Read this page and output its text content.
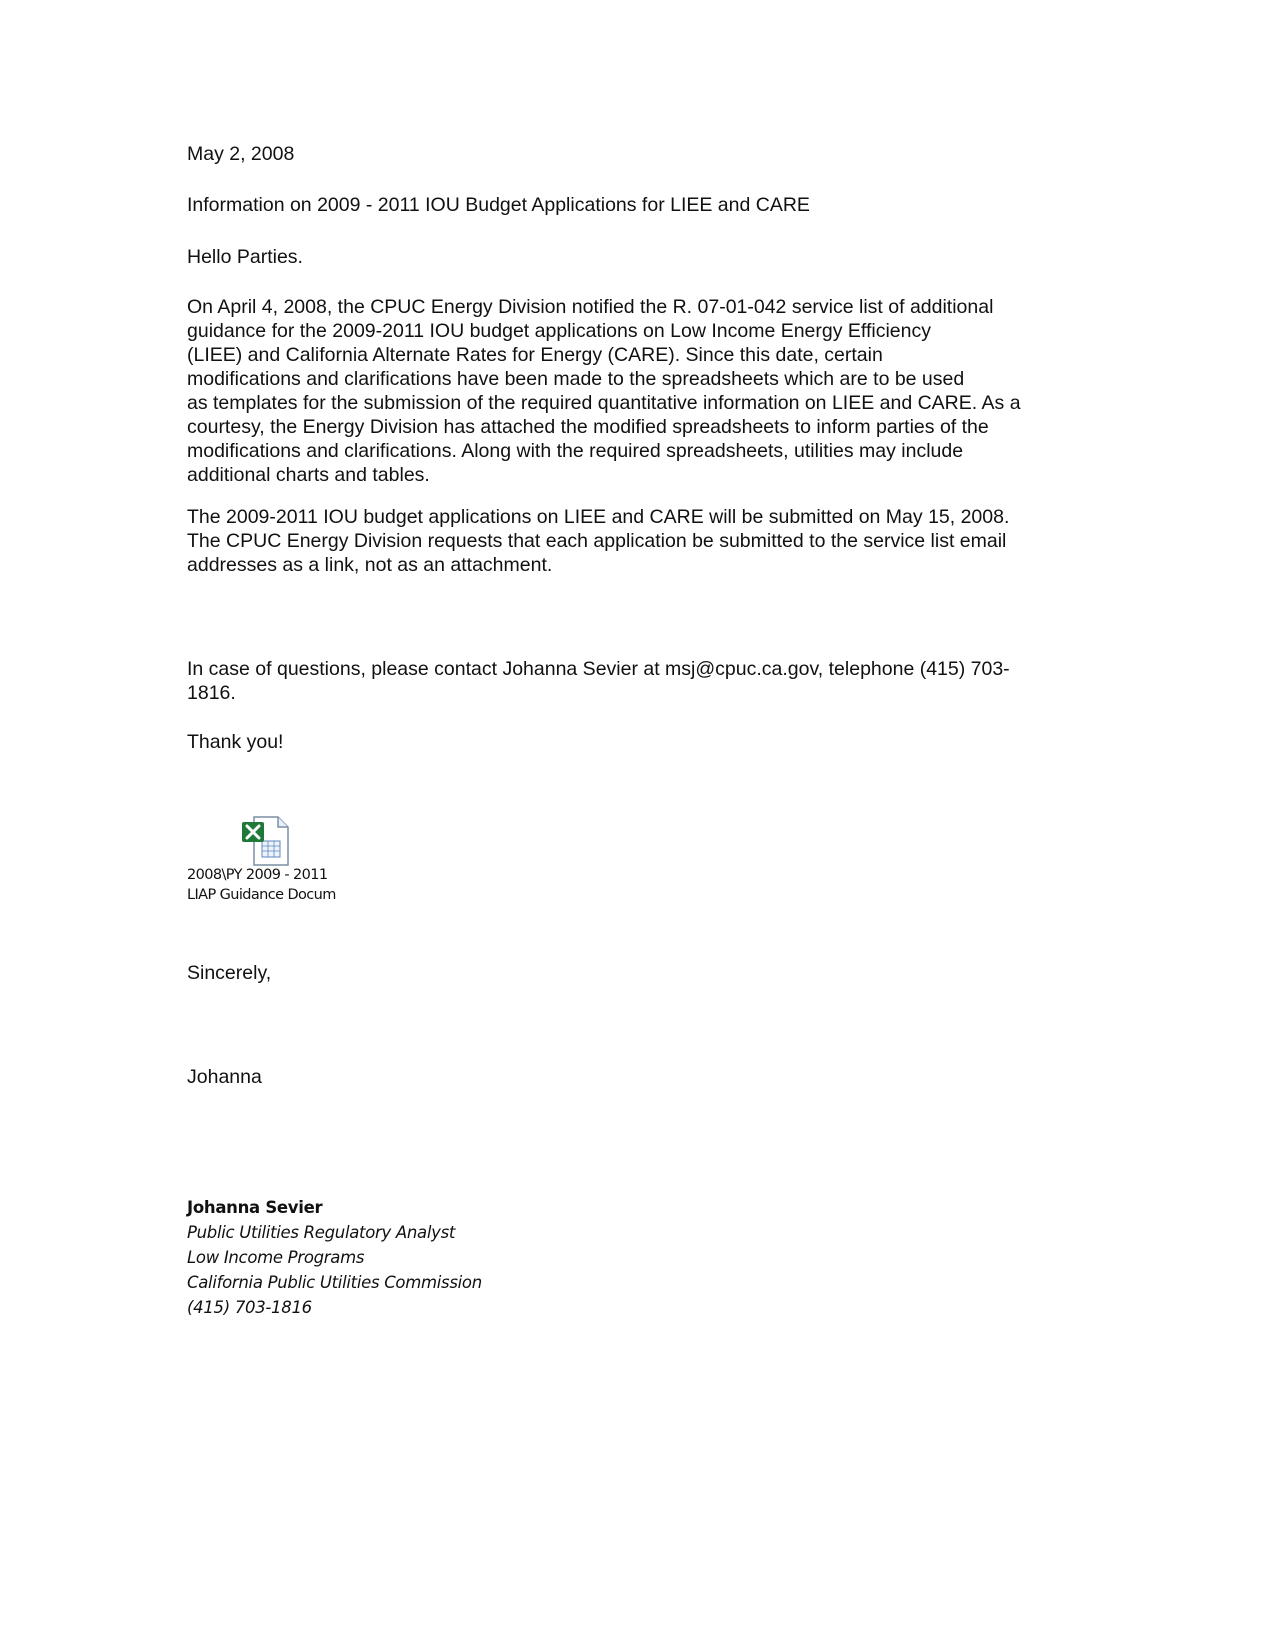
May 2, 2008

Information on 2009 - 2011 IOU Budget Applications for LIEE and CARE

Hello Parties.

On April 4, 2008, the CPUC Energy Division notified the R. 07-01-042 service list of additional
guidance for the 2009-2011 IOU budget applications on Low Income Energy Efficiency
(LIEE) and California Alternate Rates for Energy (CARE). Since this date, certain
modifications and clarifications have been made to the spreadsheets which are to be used
as templates for the submission of the required quantitative information on LIEE and CARE. As a
courtesy, the Energy Division has attached the modified spreadsheets to inform parties of the
modifications and clarifications. Along with the required spreadsheets, utilities may include
additional charts and tables.
The 2009-2011 IOU budget applications on LIEE and CARE will be submitted on May 15, 2008.
The CPUC Energy Division requests that each application be submitted to the service list email
addresses as a link, not as an attachment.
In case of questions, please contact Johanna Sevier at msj@cpuc.ca.gov, telephone (415) 703-
1816.

Thank you!

2008\PY 2009 - 2011
LIAP Guidance Docum

Sincerely,

Johanna

Johanna Sevier
Public Utilities Regulatory Analyst
Low Income Programs
California Public Utilities Commission
(415) 703-1816
